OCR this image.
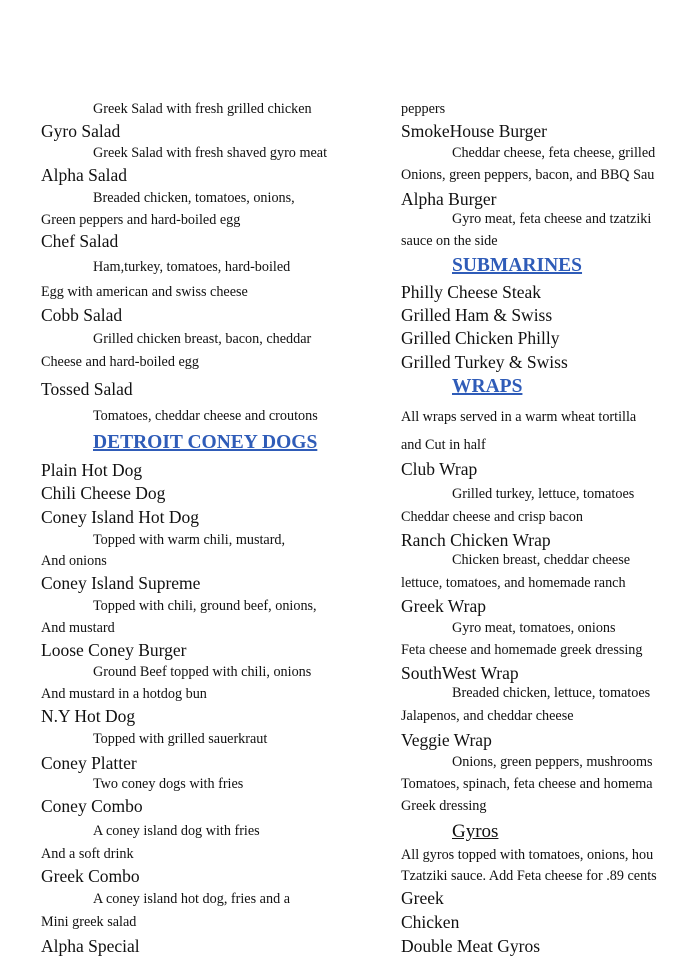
Greek Salad with fresh grilled chicken
Gyro Salad
Greek Salad with fresh shaved gyro meat
Alpha Salad
Breaded chicken, tomatoes, onions,
Green peppers and hard-boiled egg
Chef Salad
Ham,turkey, tomatoes, hard-boiled
Egg with american and swiss cheese
Cobb Salad
Grilled chicken breast, bacon, cheddar
Cheese and hard-boiled egg
Tossed Salad
Tomatoes, cheddar cheese and croutons
DETROIT CONEY DOGS
Plain Hot Dog
Chili Cheese Dog
Coney Island Hot Dog
Topped with warm chili, mustard,
And onions
Coney Island Supreme
Topped with chili, ground beef, onions,
And mustard
Loose Coney Burger
Ground Beef topped with chili, onions
And mustard in a hotdog bun
N.Y Hot Dog
Topped with grilled sauerkraut
Coney Platter
Two coney dogs with fries
Coney Combo
A coney island dog with fries
And a soft drink
Greek Combo
A coney island hot dog, fries and a
Mini greek salad
Alpha Special
peppers
SmokeHouse Burger
Cheddar cheese, feta cheese, grilled
Onions, green peppers, bacon, and BBQ Sau
Alpha Burger
Gyro meat, feta cheese and tzatziki
sauce on the side
SUBMARINES
Philly Cheese Steak
Grilled Ham & Swiss
Grilled Chicken Philly
Grilled Turkey & Swiss
WRAPS
All wraps served in a warm wheat tortilla
and Cut in half
Club Wrap
Grilled turkey, lettuce, tomatoes
Cheddar cheese and crisp bacon
Ranch Chicken Wrap
Chicken breast, cheddar cheese
lettuce, tomatoes, and homemade ranch
Greek Wrap
Gyro meat, tomatoes, onions
Feta cheese and homemade greek dressing
SouthWest Wrap
Breaded chicken, lettuce, tomatoes
Jalapenos, and cheddar cheese
Veggie Wrap
Onions, green peppers, mushrooms
Tomatoes, spinach, feta cheese and homema
Greek dressing
Gyros
All gyros topped with tomatoes, onions, hou
Tzatziki sauce. Add Feta cheese for .89 cents
Greek
Chicken
Double Meat Gyros
